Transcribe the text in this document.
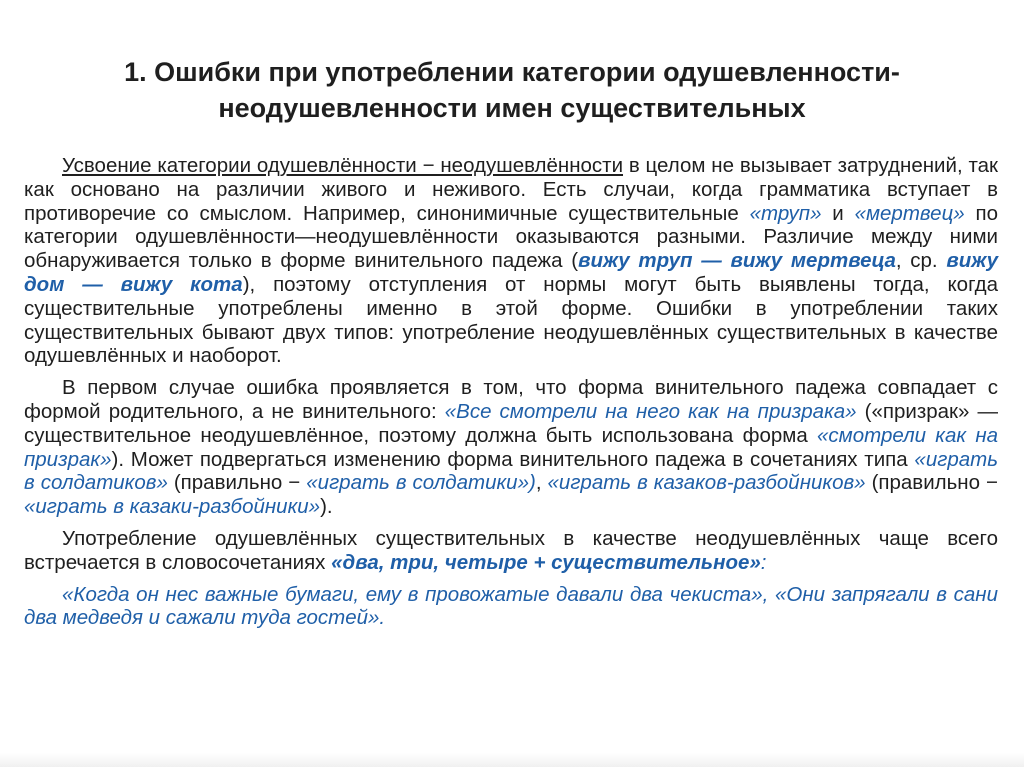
1. Ошибки при употреблении категории одушевленности-неодушевленности имен существительных

Усвоение категории одушевлённости − неодушевлённости в целом не вызывает затруднений, так как основано на различии живого и неживого. Есть случаи, когда грамматика вступает в противоречие со смыслом. Например, синонимичные существительные «труп» и «мертвец» по категории одушевлённости—неодушевлённости оказываются разными. Различие между ними обнаруживается только в форме винительного падежа (вижу труп — вижу мертвеца, ср. вижу дом — вижу кота), поэтому отступления от нормы могут быть выявлены тогда, когда существительные употреблены именно в этой форме. Ошибки в употреблении таких существительных бывают двух типов: употребление неодушевлённых существительных в качестве одушевлённых и наоборот.

В первом случае ошибка проявляется в том, что форма винительного падежа совпадает с формой родительного, а не винительного: «Все смотрели на него как на призрака» («призрак» — существительное неодушевлённое, поэтому должна быть использована форма «смотрели как на призрак»). Может подвергаться изменению форма винительного падежа в сочетаниях типа «играть в солдатиков» (правильно − «играть в солдатики»), «играть в казаков-разбойников» (правильно − «играть в казаки-разбойники»).

Употребление одушевлённых существительных в качестве неодушевлённых чаще всего встречается в словосочетаниях «два, три, четыре + существительное»:

«Когда он нес важные бумаги, ему в провожатые давали два чекиста», «Они запрягали в сани два медведя и сажали туда гостей».
